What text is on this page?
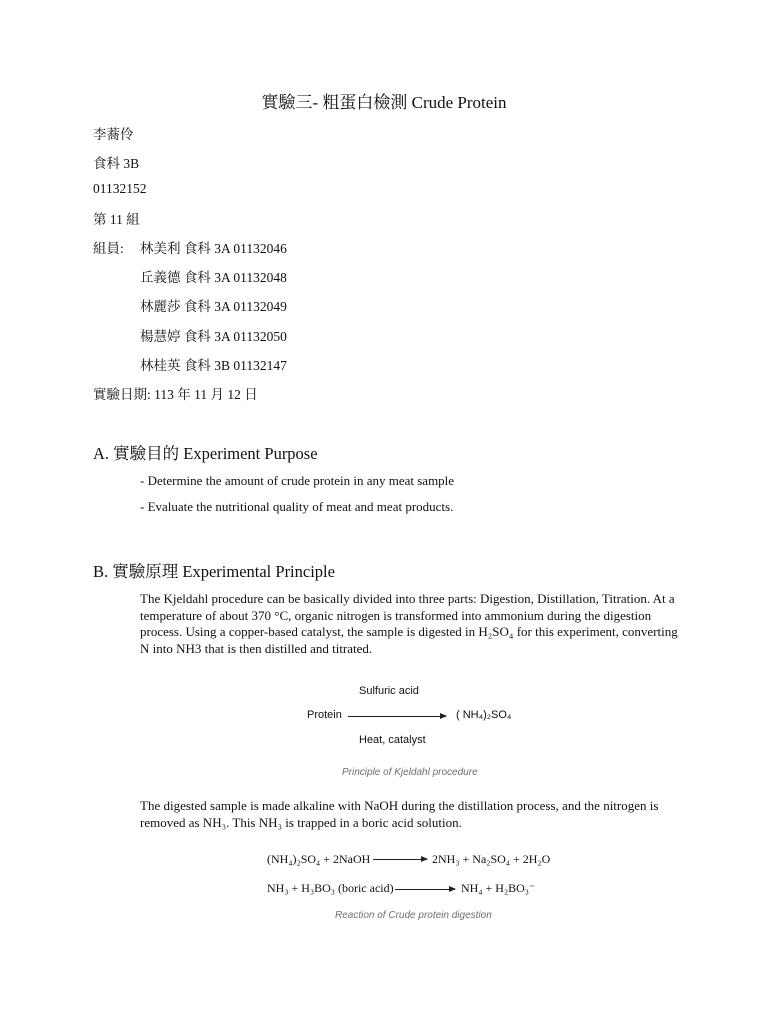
實驗三- 粗蛋白檢測 Crude Protein
李蕎伶
食科 3B
01132152
第 11 組
組員: 林美利 食科 3A 01132046
丘義德 食科 3A 01132048
林麗莎 食科 3A 01132049
楊慧婷 食科 3A 01132050
林桂英 食科 3B 01132147
實驗日期: 113 年 11 月 12 日
A. 實驗目的 Experiment Purpose
- Determine the amount of crude protein in any meat sample
- Evaluate the nutritional quality of meat and meat products.
B. 實驗原理 Experimental Principle
The Kjeldahl procedure can be basically divided into three parts: Digestion, Distillation, Titration. At a temperature of about 370 °C, organic nitrogen is transformed into ammonium during the digestion process. Using a copper-based catalyst, the sample is digested in H₂SO₄ for this experiment, converting N into NH3 that is then distilled and titrated.
Sulfuric acid
Protein	( NH₄)₂SO₄
Heat, catalyst
Principle of Kjeldahl procedure
The digested sample is made alkaline with NaOH during the distillation process, and the nitrogen is removed as NH₃. This NH₃ is trapped in a boric acid solution.
(NH₄)₂SO₄ + 2NaOH → 2NH₃ + Na₂SO₄ + 2H₂O
NH₃ + H₃BO₃ (boric acid) → NH₄ + H₂BO₃⁻
Reaction of Crude protein digestion
